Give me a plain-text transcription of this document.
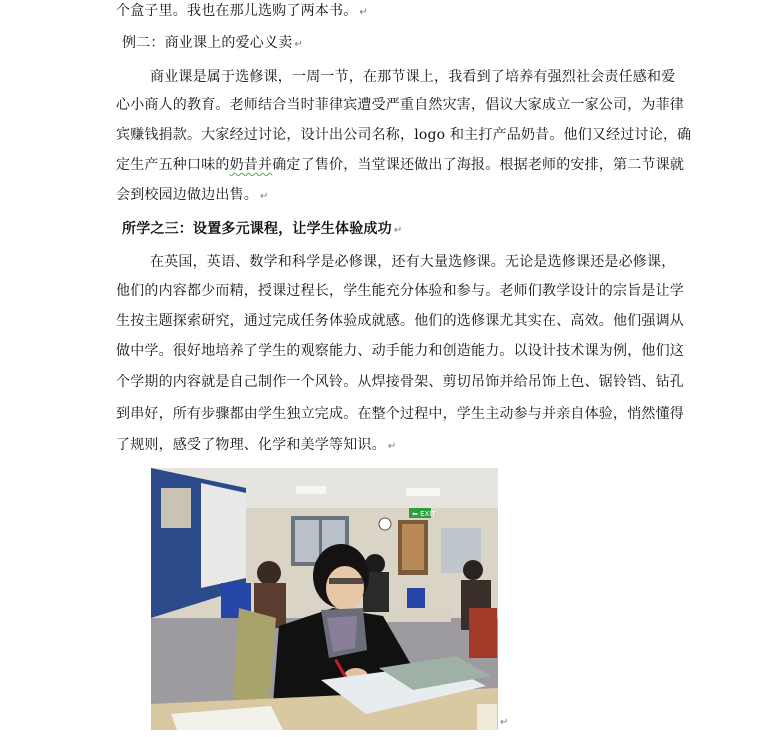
个盒子里。我也在那儿选购了两本书。 ↵
例二：商业课上的爱心义卖 ↵
商业课是属于选修课，一周一节，在那节课上，我看到了培养有强烈社会责任感和爱
心小商人的教育。老师结合当时菲律宾遭受严重自然灾害，倡议大家成立一家公司，为菲律
宾赚钱捐款。大家经过讨论，设计出公司名称，logo 和主打产品奶昔。他们又经过讨论，确
定生产五种口味的奶昔并确定了售价，当堂课还做出了海报。根据老师的安排，第二节课就
会到校园边做边出售。 ↵
所学之三：设置多元课程，让学生体验成功 ↵
在英国，英语、数学和科学是必修课，还有大量选修课。无论是选修课还是必修课，
他们的内容都少而精，授课过程长，学生能充分体验和参与。老师们教学设计的宗旨是让学
生按主题探索研究，通过完成任务体验成就感。他们的选修课尤其实在、高效。他们强调从
做中学。很好地培养了学生的观察能力、动手能力和创造能力。以设计技术课为例，他们这
个学期的内容就是自己制作一个风铃。从焊接骨架、剪切吊饰并给吊饰上色、锯铃铛、钻孔
到串好，所有步骤都由学生独立完成。在整个过程中，学生主动参与并亲自体验，悄然懂得
了规则，感受了物理、化学和美学等知识。 ↵
⬅ EXIT
↵
